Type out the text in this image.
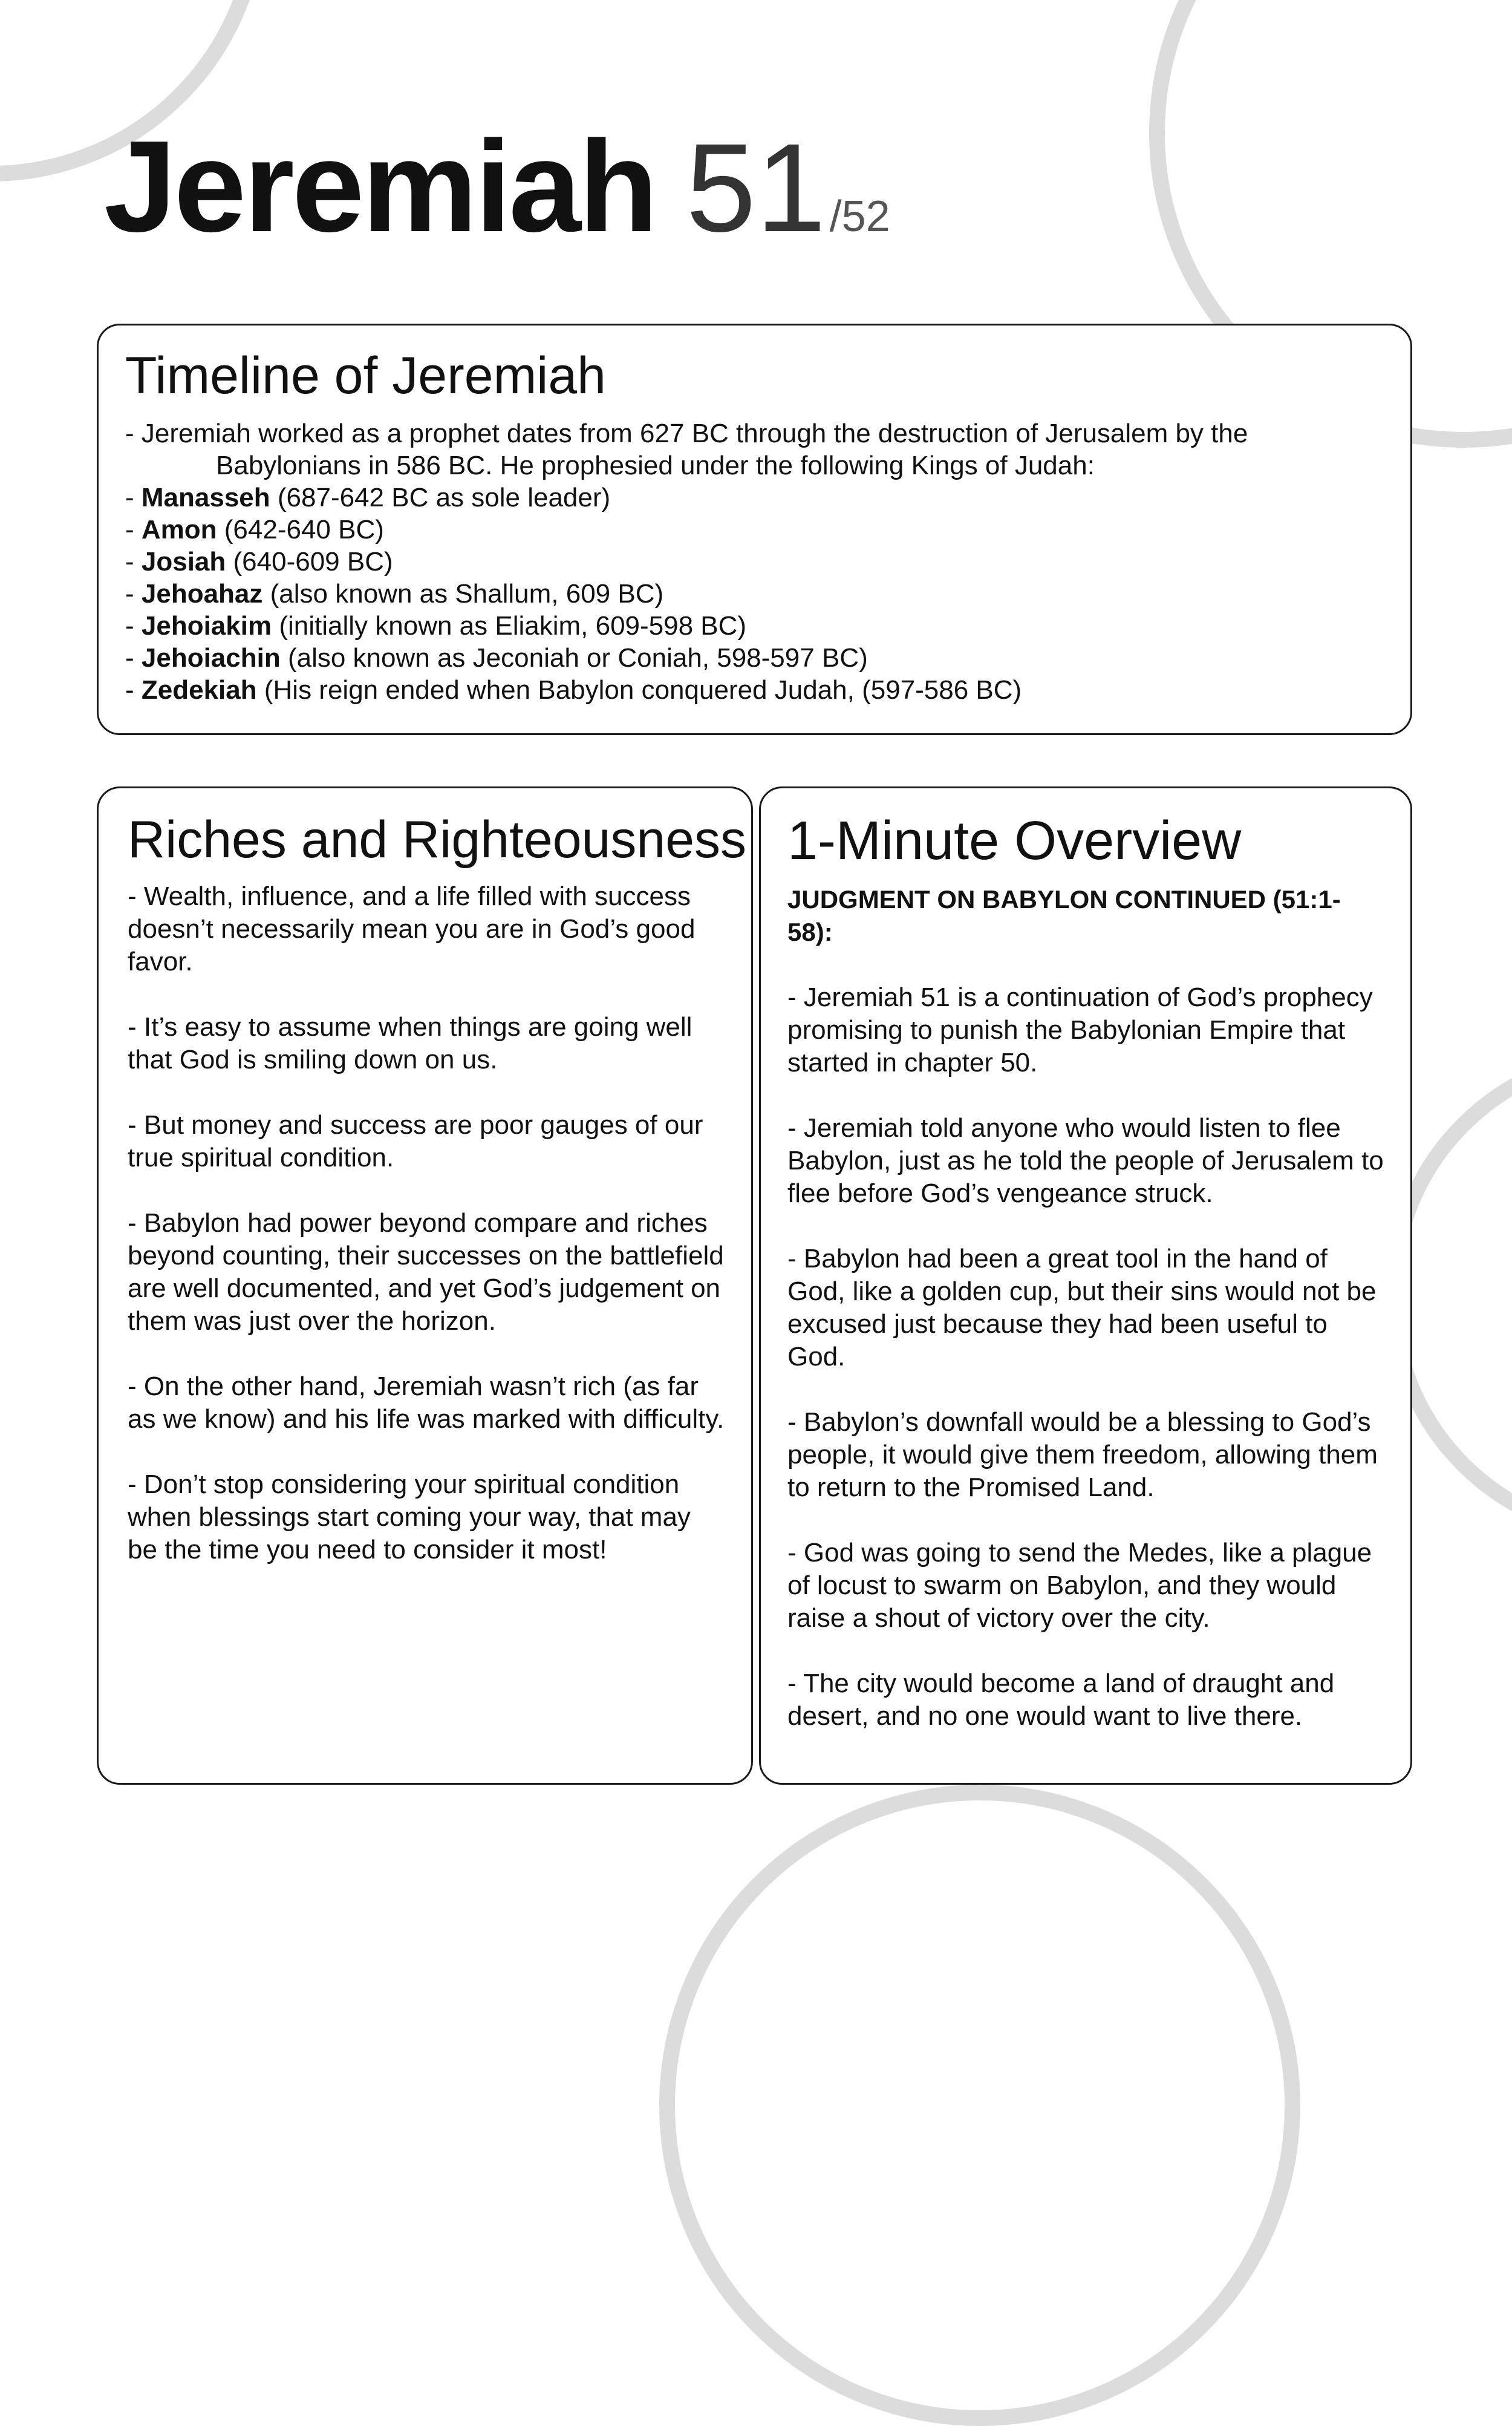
Jeremiah 51/52
Timeline of Jeremiah
- Jeremiah worked as a prophet dates from 627 BC through the destruction of Jerusalem by the
Babylonians in 586 BC. He prophesied under the following Kings of Judah:
- Manasseh (687-642 BC as sole leader)
- Amon (642-640 BC)
- Josiah (640-609 BC)
- Jehoahaz (also known as Shallum, 609 BC)
- Jehoiakim (initially known as Eliakim, 609-598 BC)
- Jehoiachin (also known as Jeconiah or Coniah, 598-597 BC)
- Zedekiah (His reign ended when Babylon conquered Judah, (597-586 BC)
Riches and Righteousness

- Wealth, influence, and a life filled with success doesn’t necessarily mean you are in God’s good favor.

- It’s easy to assume when things are going well that God is smiling down on us.

- But money and success are poor gauges of our true spiritual condition.

- Babylon had power beyond compare and riches beyond counting, their successes on the battlefield are well documented, and yet God’s judgement on them was just over the horizon.

- On the other hand, Jeremiah wasn’t rich (as far as we know) and his life was marked with difficulty.

- Don’t stop considering your spiritual condition when blessings start coming your way, that may be the time you need to consider it most!

1-Minute Overview
JUDGMENT ON BABYLON CONTINUED (51:1-58):

- Jeremiah 51 is a continuation of God’s prophecy promising to punish the Babylonian Empire that started in chapter 50.

- Jeremiah told anyone who would listen to flee Babylon, just as he told the people of Jerusalem to flee before God’s vengeance struck.

- Babylon had been a great tool in the hand of God, like a golden cup, but their sins would not be excused just because they had been useful to God.

- Babylon’s downfall would be a blessing to God’s people, it would give them freedom, allowing them to return to the Promised Land.

- God was going to send the Medes, like a plague of locust to swarm on Babylon, and they would raise a shout of victory over the city.

- The city would become a land of draught and desert, and no one would want to live there.
